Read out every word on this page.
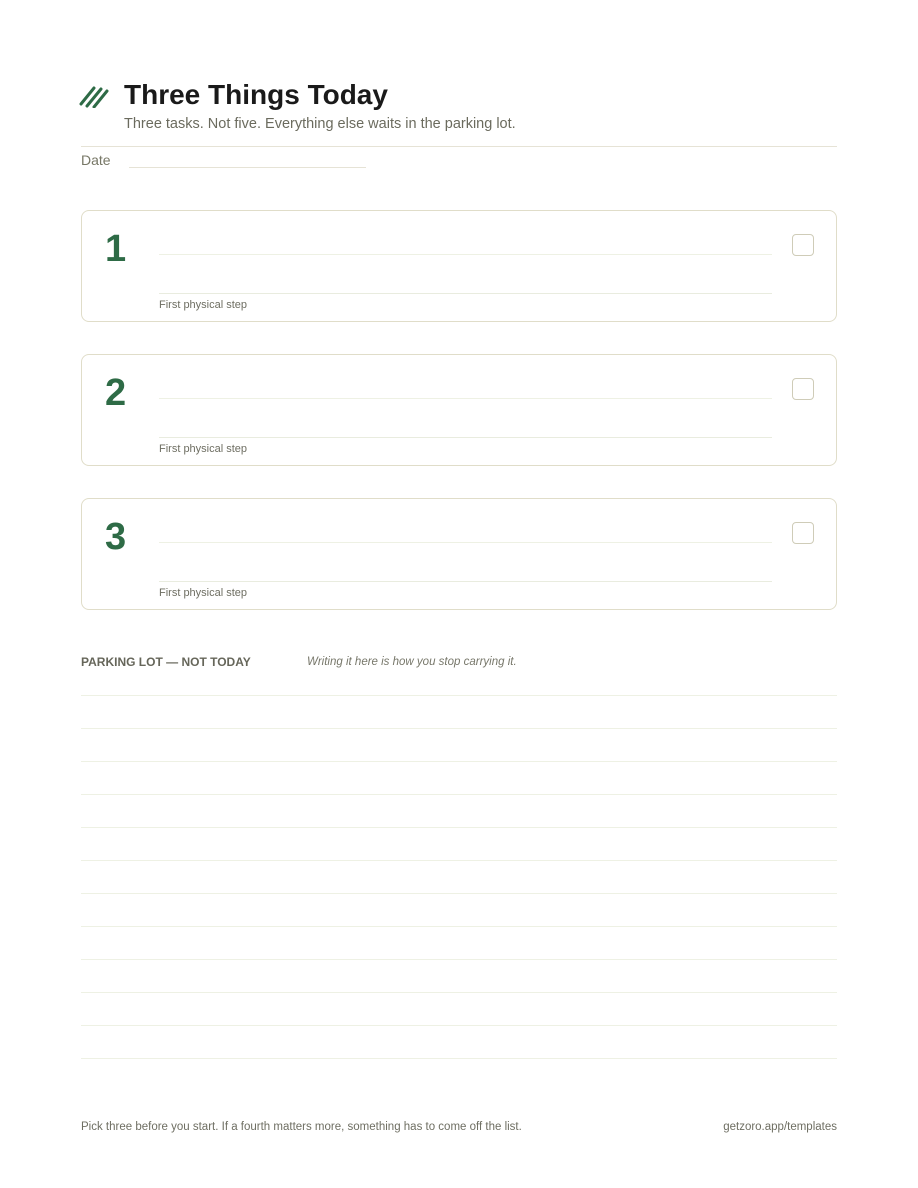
Three Things Today
Three tasks. Not five. Everything else waits in the parking lot.
Date
1
First physical step
2
First physical step
3
First physical step
PARKING LOT — NOT TODAY	Writing it here is how you stop carrying it.
Pick three before you start. If a fourth matters more, something has to come off the list.	getzoro.app/templates
